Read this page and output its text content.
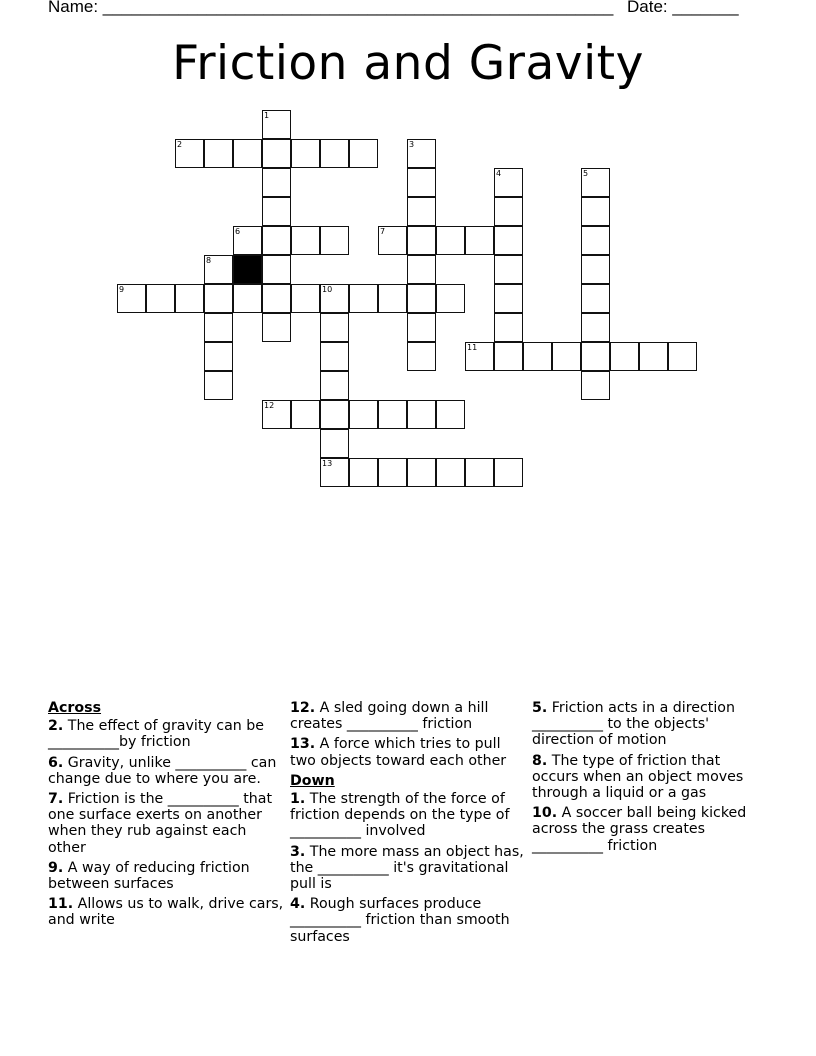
Name: ______________________________________________________ Date: _______
Friction and Gravity
1
2	3
4	5
6	7
8
9	10
13
11
12
Across
2. The effect of gravity can be __________by friction
6. Gravity, unlike __________ can change due to where you are.
7. Friction is the __________ that one surface exerts on another when they rub against each other
9. A way of reducing friction between surfaces
11. Allows us to walk, drive cars, and write
12. A sled going down a hill creates __________ friction
13. A force which tries to pull two objects toward each other
Down
1. The strength of the force of friction depends on the type of __________ involved
3. The more mass an object has, the __________ it's gravitational pull is
4. Rough surfaces produce __________ friction than smooth surfaces
5. Friction acts in a direction __________ to the objects' direction of motion
8. The type of friction that occurs when an object moves through a liquid or a gas
10. A soccer ball being kicked across the grass creates __________ friction
